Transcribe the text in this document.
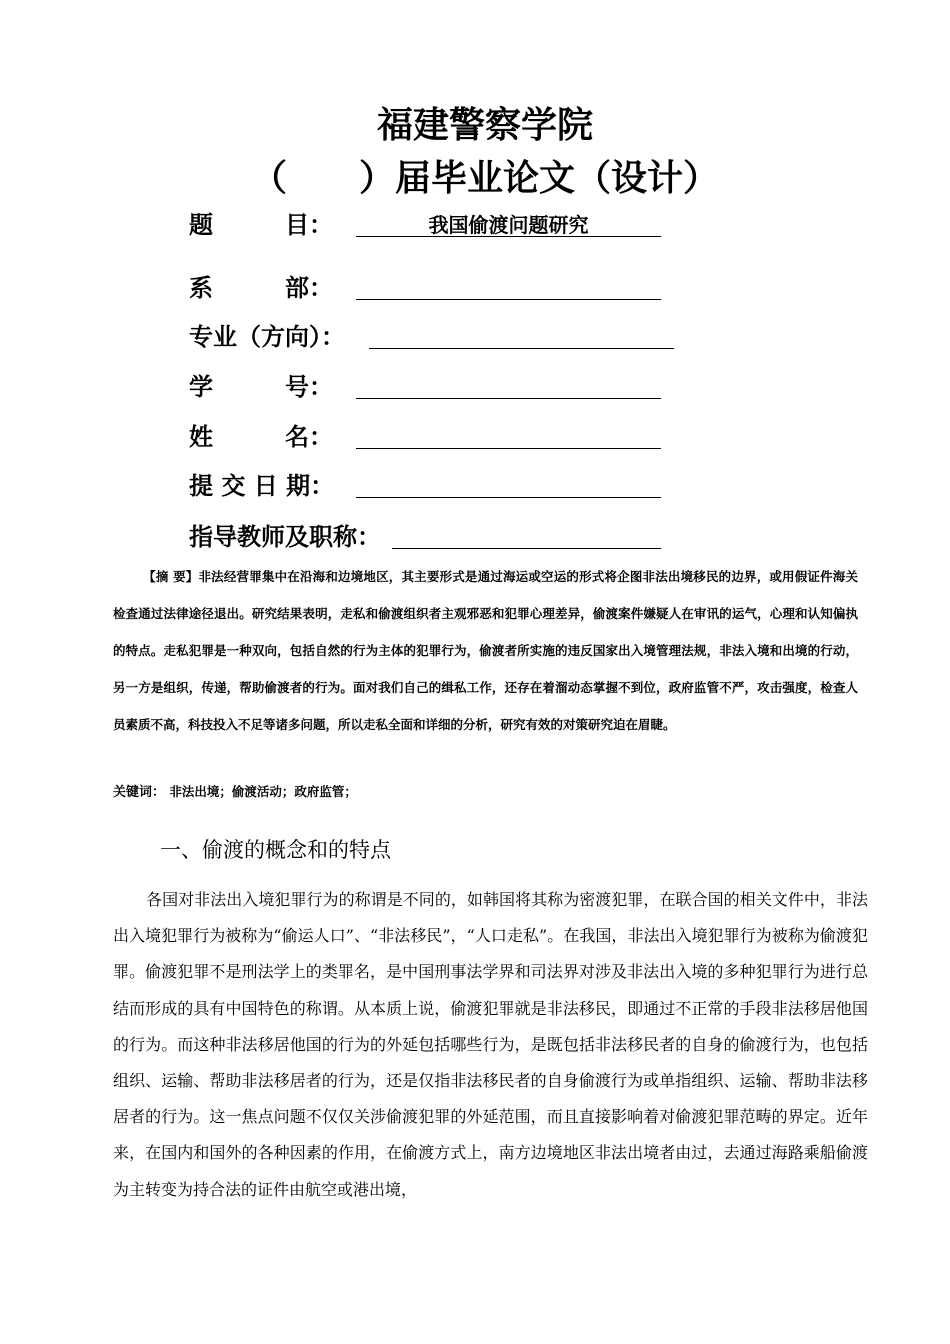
福建警察学院
（ ）届毕业论文（设计）
题　　　目：	我国偷渡问题研究
系　　　部：
专业（方向）：
学　　　号：
姓　　　名：
提 交 日 期：
指导教师及职称：
【摘 要】非法经营罪集中在沿海和边境地区，其主要形式是通过海运或空运的形式将企图非法出境移民的边界，或用假证件海关检查通过法律途径退出。研究结果表明，走私和偷渡组织者主观邪恶和犯罪心理差异，偷渡案件嫌疑人在审讯的运气，心理和认知偏执的特点。走私犯罪是一种双向，包括自然的行为主体的犯罪行为，偷渡者所实施的违反国家出入境管理法规，非法入境和出境的行动，另一方是组织，传递，帮助偷渡者的行为。面对我们自己的缉私工作，还存在着溜动态掌握不到位，政府监管不严，攻击强度，检查人员素质不高，科技投入不足等诸多问题，所以走私全面和详细的分析，研究有效的对策研究迫在眉睫。
关键词： 非法出境；偷渡活动；政府监管；
一、偷渡的概念和的特点
各国对非法出入境犯罪行为的称谓是不同的，如韩国将其称为密渡犯罪，在联合国的相关文件中，非法出入境犯罪行为被称为“偷运人口”、“非法移民”，“人口走私”。在我国，非法出入境犯罪行为被称为偷渡犯罪。偷渡犯罪不是刑法学上的类罪名，是中国刑事法学界和司法界对涉及非法出入境的多种犯罪行为进行总结而形成的具有中国特色的称谓。从本质上说，偷渡犯罪就是非法移民，即通过不正常的手段非法移居他国的行为。而这种非法移居他国的行为的外延包括哪些行为，是既包括非法移民者的自身的偷渡行为，也包括组织、运输、帮助非法移居者的行为，还是仅指非法移民者的自身偷渡行为或单指组织、运输、帮助非法移居者的行为。这一焦点问题不仅仅关涉偷渡犯罪的外延范围，而且直接影响着对偷渡犯罪范畴的界定。近年来，在国内和国外的各种因素的作用，在偷渡方式上，南方边境地区非法出境者由过，去通过海路乘船偷渡为主转变为持合法的证件由航空或港出境，
